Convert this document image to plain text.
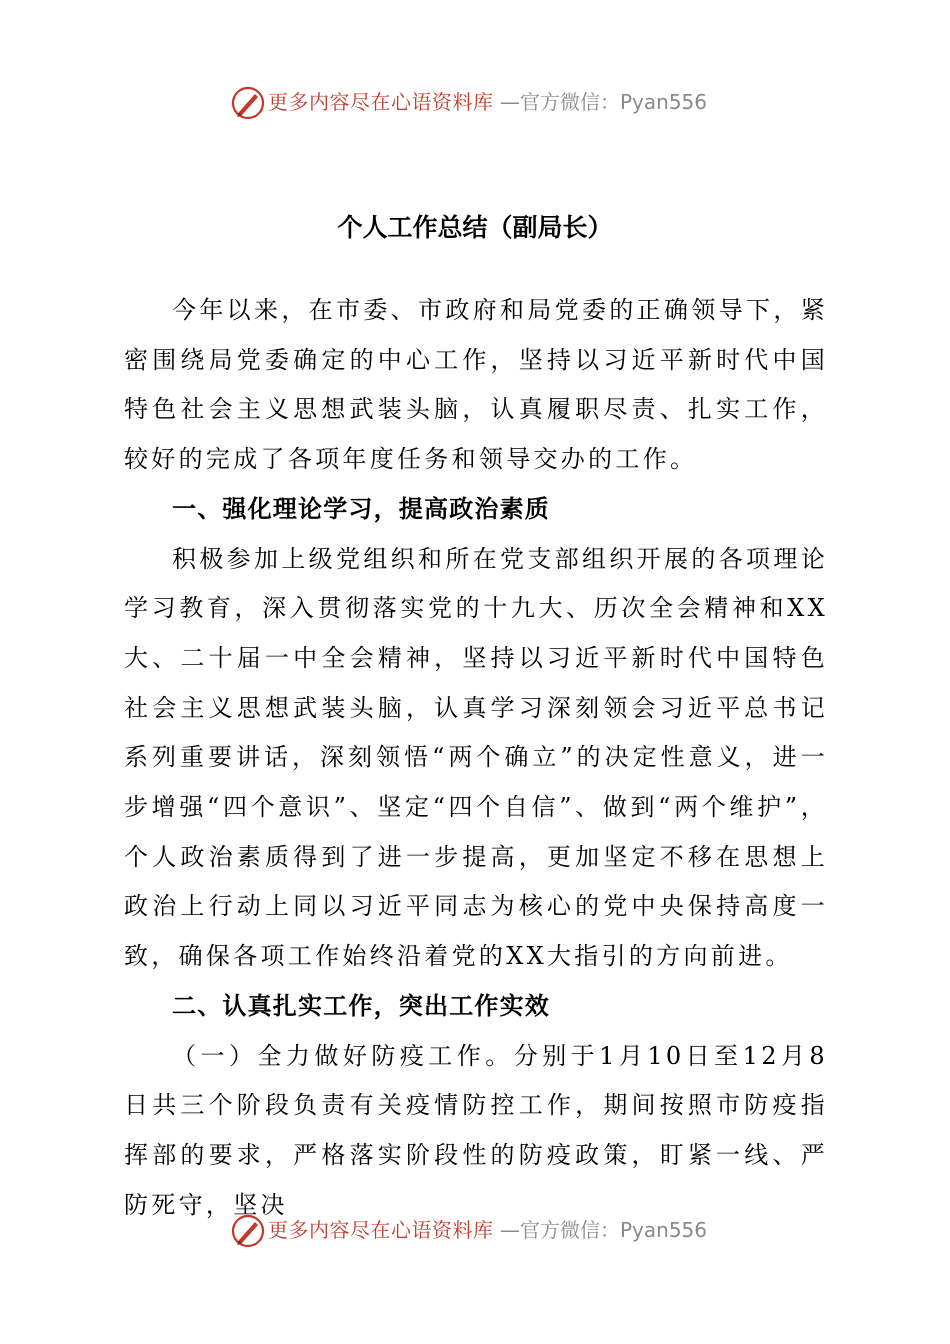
更多内容尽在心语资料库 —官方微信：Pyan556
个人工作总结（副局长）

今年以来，在市委、市政府和局党委的正确领导下，紧密围绕局党委确定的中心工作，坚持以习近平新时代中国特色社会主义思想武装头脑，认真履职尽责、扎实工作，较好的完成了各项年度任务和领导交办的工作。

一、强化理论学习，提高政治素质

积极参加上级党组织和所在党支部组织开展的各项理论学习教育，深入贯彻落实党的十九大、历次全会精神和XX大、二十届一中全会精神，坚持以习近平新时代中国特色社会主义思想武装头脑，认真学习深刻领会习近平总书记系列重要讲话，深刻领悟“两个确立”的决定性意义，进一步增强“四个意识”、坚定“四个自信”、做到“两个维护”，个人政治素质得到了进一步提高，更加坚定不移在思想上政治上行动上同以习近平同志为核心的党中央保持高度一致，确保各项工作始终沿着党的XX大指引的方向前进。

二、认真扎实工作，突出工作实效

（一）全力做好防疫工作。分别于1月10日至12月8日共三个阶段负责有关疫情防控工作，期间按照市防疫指挥部的要求，严格落实阶段性的防疫政策，盯紧一线、严防死守，坚决

更多内容尽在心语资料库 —官方微信：Pyan556
